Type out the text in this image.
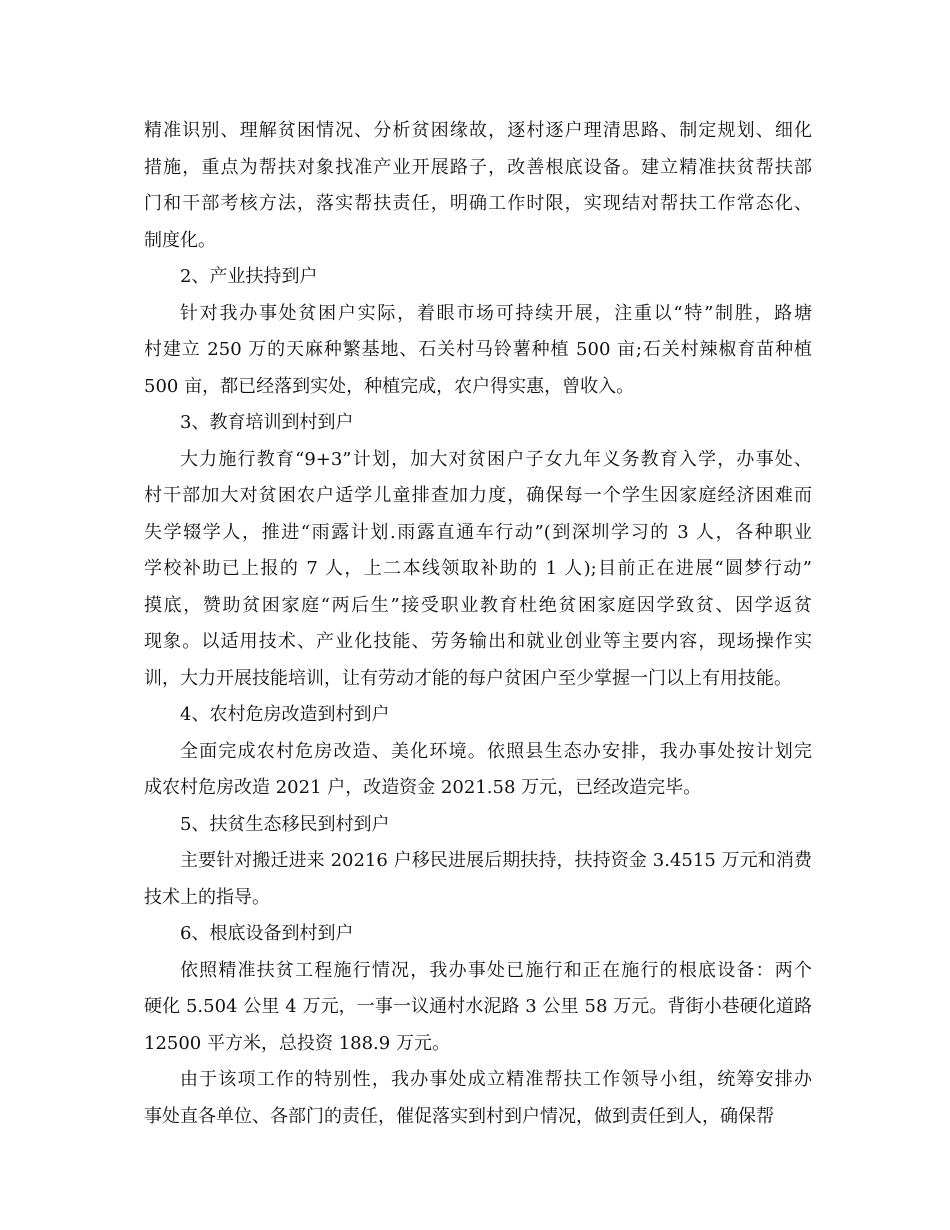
精准识别、理解贫困情况、分析贫困缘故，逐村逐户理清思路、制定规划、细化
措施，重点为帮扶对象找准产业开展路子，改善根底设备。建立精准扶贫帮扶部
门和干部考核方法，落实帮扶责任，明确工作时限，实现结对帮扶工作常态化、
制度化。
2、产业扶持到户
针对我办事处贫困户实际，着眼市场可持续开展，注重以“特”制胜，路塘
村建立 250 万的天麻种繁基地、石关村马铃薯种植 500 亩;石关村辣椒育苗种植
500 亩，都已经落到实处，种植完成，农户得实惠，曾收入。
3、教育培训到村到户
大力施行教育“9+3”计划，加大对贫困户子女九年义务教育入学，办事处、
村干部加大对贫困农户适学儿童排查加力度，确保每一个学生因家庭经济困难而
失学辍学人，推进“雨露计划.雨露直通车行动”(到深圳学习的 3 人，各种职业
学校补助已上报的 7 人，上二本线领取补助的 1 人);目前正在进展“圆梦行动”
摸底，赞助贫困家庭“两后生”接受职业教育杜绝贫困家庭因学致贫、因学返贫
现象。以适用技术、产业化技能、劳务输出和就业创业等主要内容，现场操作实
训，大力开展技能培训，让有劳动才能的每户贫困户至少掌握一门以上有用技能。
4、农村危房改造到村到户
全面完成农村危房改造、美化环境。依照县生态办安排，我办事处按计划完
成农村危房改造 2021 户，改造资金 2021.58 万元，已经改造完毕。
5、扶贫生态移民到村到户
主要针对搬迁进来 20216 户移民进展后期扶持，扶持资金 3.4515 万元和消费
技术上的指导。
6、根底设备到村到户
依照精准扶贫工程施行情况，我办事处已施行和正在施行的根底设备：两个
硬化 5.504 公里 4 万元，一事一议通村水泥路 3 公里 58 万元。背街小巷硬化道路
12500 平方米，总投资 188.9 万元。
由于该项工作的特别性，我办事处成立精准帮扶工作领导小组，统筹安排办
事处直各单位、各部门的责任，催促落实到村到户情况，做到责任到人，确保帮
